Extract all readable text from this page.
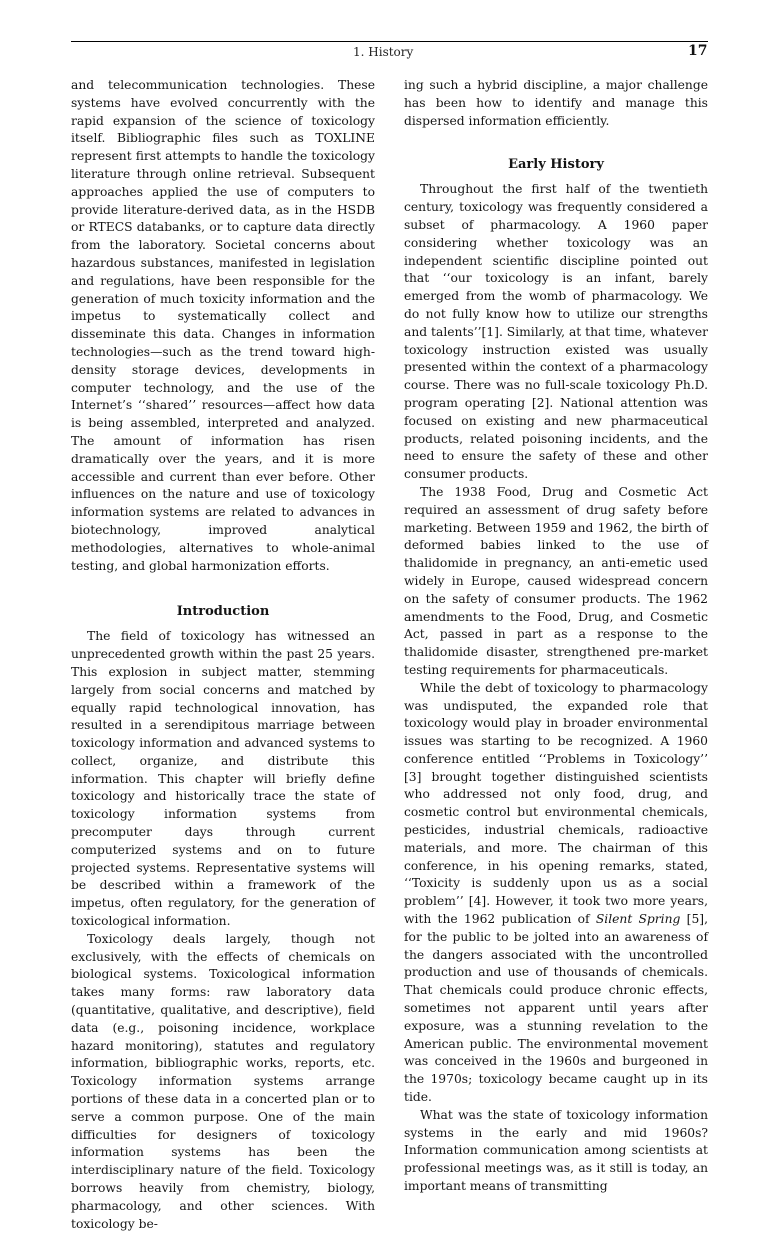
1. History	17

and telecommunication technologies. These systems have evolved concurrently with the rapid expansion of the science of toxicology itself. Bibliographic files such as TOXLINE represent first attempts to handle the toxicology literature through online retrieval. Subsequent approaches applied the use of computers to provide literature-derived data, as in the HSDB or RTECS databanks, or to capture data directly from the laboratory. Societal concerns about hazardous substances, manifested in legislation and regulations, have been responsible for the generation of much toxicity information and the impetus to systematically collect and disseminate this data. Changes in information technologies—such as the trend toward high-density storage devices, developments in computer technology, and the use of the Internet’s ‘‘shared’’ resources—affect how data is being assembled, interpreted and analyzed. The amount of information has risen dramatically over the years, and it is more accessible and current than ever before. Other influences on the nature and use of toxicology information systems are related to advances in biotechnology, improved analytical methodologies, alternatives to whole-animal testing, and global harmonization efforts.

Introduction

The field of toxicology has witnessed an unprecedented growth within the past 25 years. This explosion in subject matter, stemming largely from social concerns and matched by equally rapid technological innovation, has resulted in a serendipitous marriage between toxicology information and advanced systems to collect, organize, and distribute this information. This chapter will briefly define toxicology and historically trace the state of toxicology information systems from precomputer days through current computerized systems and on to future projected systems. Representative systems will be described within a framework of the impetus, often regulatory, for the generation of toxicological information.

Toxicology deals largely, though not exclusively, with the effects of chemicals on biological systems. Toxicological information takes many forms: raw laboratory data (quantitative, qualitative, and descriptive), field data (e.g., poisoning incidence, workplace hazard monitoring), statutes and regulatory information, bibliographic works, reports, etc. Toxicology information systems arrange portions of these data in a concerted plan or to serve a common purpose. One of the main difficulties for designers of toxicology information systems has been the interdisciplinary nature of the field. Toxicology borrows heavily from chemistry, biology, pharmacology, and other sciences. With toxicology be-

ing such a hybrid discipline, a major challenge has been how to identify and manage this dispersed information efficiently.

Early History

Throughout the first half of the twentieth century, toxicology was frequently considered a subset of pharmacology. A 1960 paper considering whether toxicology was an independent scientific discipline pointed out that ‘‘our toxicology is an infant, barely emerged from the womb of pharmacology. We do not fully know how to utilize our strengths and talents’’[1]. Similarly, at that time, whatever toxicology instruction existed was usually presented within the context of a pharmacology course. There was no full-scale toxicology Ph.D. program operating [2]. National attention was focused on existing and new pharmaceutical products, related poisoning incidents, and the need to ensure the safety of these and other consumer products.

The 1938 Food, Drug and Cosmetic Act required an assessment of drug safety before marketing. Between 1959 and 1962, the birth of deformed babies linked to the use of thalidomide in pregnancy, an anti-emetic used widely in Europe, caused widespread concern on the safety of consumer products. The 1962 amendments to the Food, Drug, and Cosmetic Act, passed in part as a response to the thalidomide disaster, strengthened pre-market testing requirements for pharmaceuticals.

While the debt of toxicology to pharmacology was undisputed, the expanded role that toxicology would play in broader environmental issues was starting to be recognized. A 1960 conference entitled ‘‘Problems in Toxicology’’ [3] brought together distinguished scientists who addressed not only food, drug, and cosmetic control but environmental chemicals, pesticides, industrial chemicals, radioactive materials, and more. The chairman of this conference, in his opening remarks, stated, ‘‘Toxicity is suddenly upon us as a social problem’’ [4]. However, it took two more years, with the 1962 publication of Silent Spring [5], for the public to be jolted into an awareness of the dangers associated with the uncontrolled production and use of thousands of chemicals. That chemicals could produce chronic effects, sometimes not apparent until years after exposure, was a stunning revelation to the American public. The environmental movement was conceived in the 1960s and burgeoned in the 1970s; toxicology became caught up in its tide.

What was the state of toxicology information systems in the early and mid 1960s? Information communication among scientists at professional meetings was, as it still is today, an important means of transmitting
